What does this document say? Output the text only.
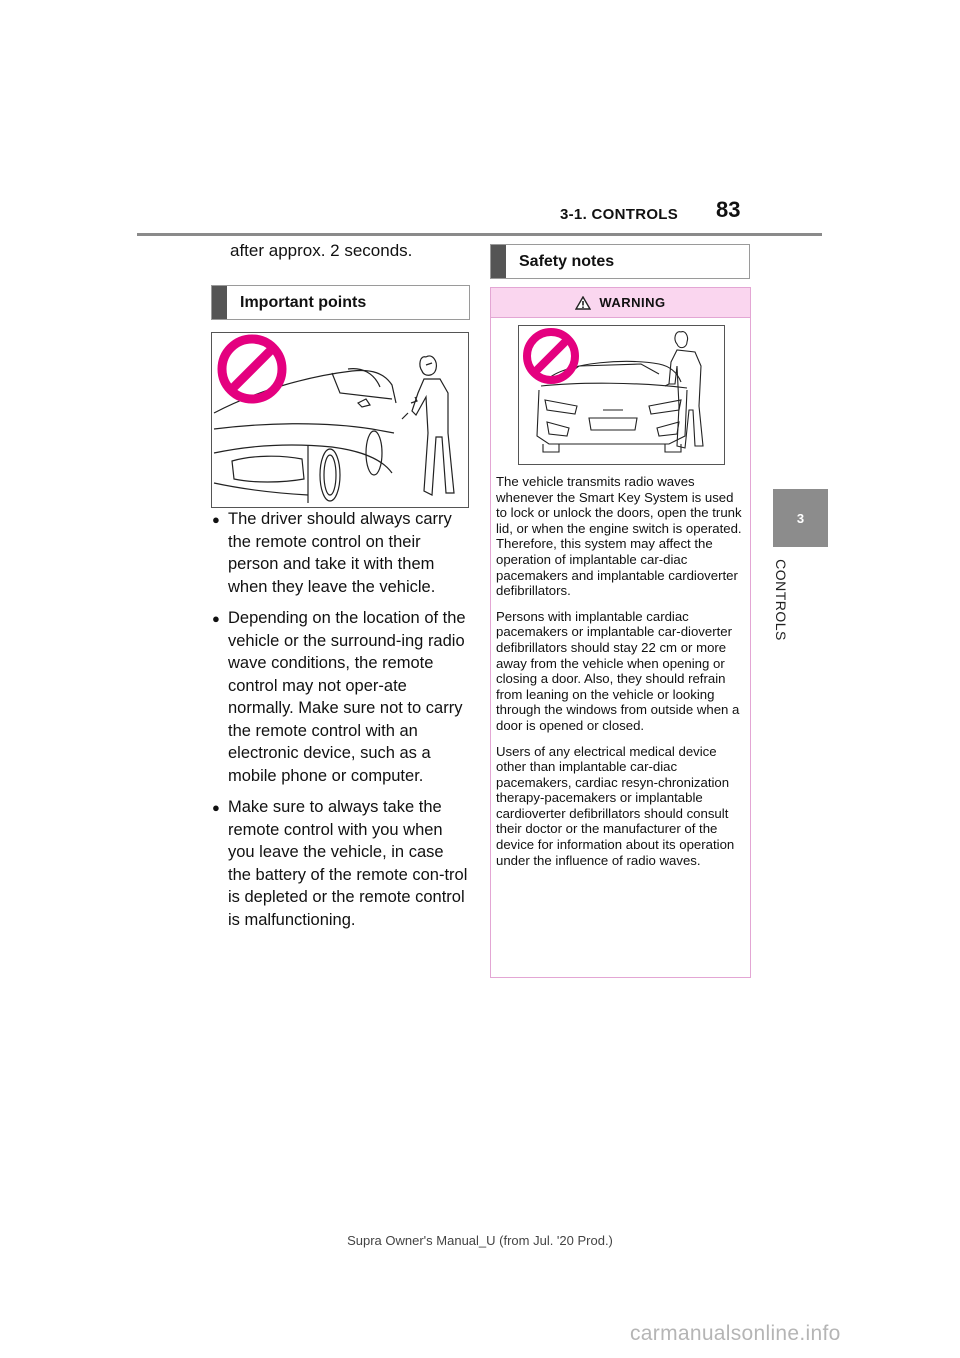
3-1. CONTROLS	83
3
CONTROLS
after approx. 2 seconds.
Important points
● The driver should always carry the remote control on their person and take it with them when they leave the vehicle.
● Depending on the location of the vehicle or the surround-ing radio wave conditions, the remote control may not oper-ate normally. Make sure not to carry the remote control with an electronic device, such as a mobile phone or computer.
● Make sure to always take the remote control with you when you leave the vehicle, in case the battery of the remote con-trol is depleted or the remote control is malfunctioning.
Safety notes
WARNING

The vehicle transmits radio waves whenever the Smart Key System is used to lock or unlock the doors, open the trunk lid, or when the engine switch is operated. Therefore, this system may affect the operation of implantable car-diac pacemakers and implantable cardioverter defibrillators.

Persons with implantable cardiac pacemakers or implantable car-dioverter defibrillators should stay 22 cm or more away from the vehicle when opening or closing a door. Also, they should refrain from leaning on the vehicle or looking through the windows from outside when a door is opened or closed.

Users of any electrical medical device other than implantable car-diac pacemakers, cardiac resyn-chronization therapy-pacemakers or implantable cardioverter defibrillators should consult their doctor or the manufacturer of the device for information about its operation under the influence of radio waves.

Supra Owner's Manual_U (from Jul. '20 Prod.)
carmanualsonline.info
